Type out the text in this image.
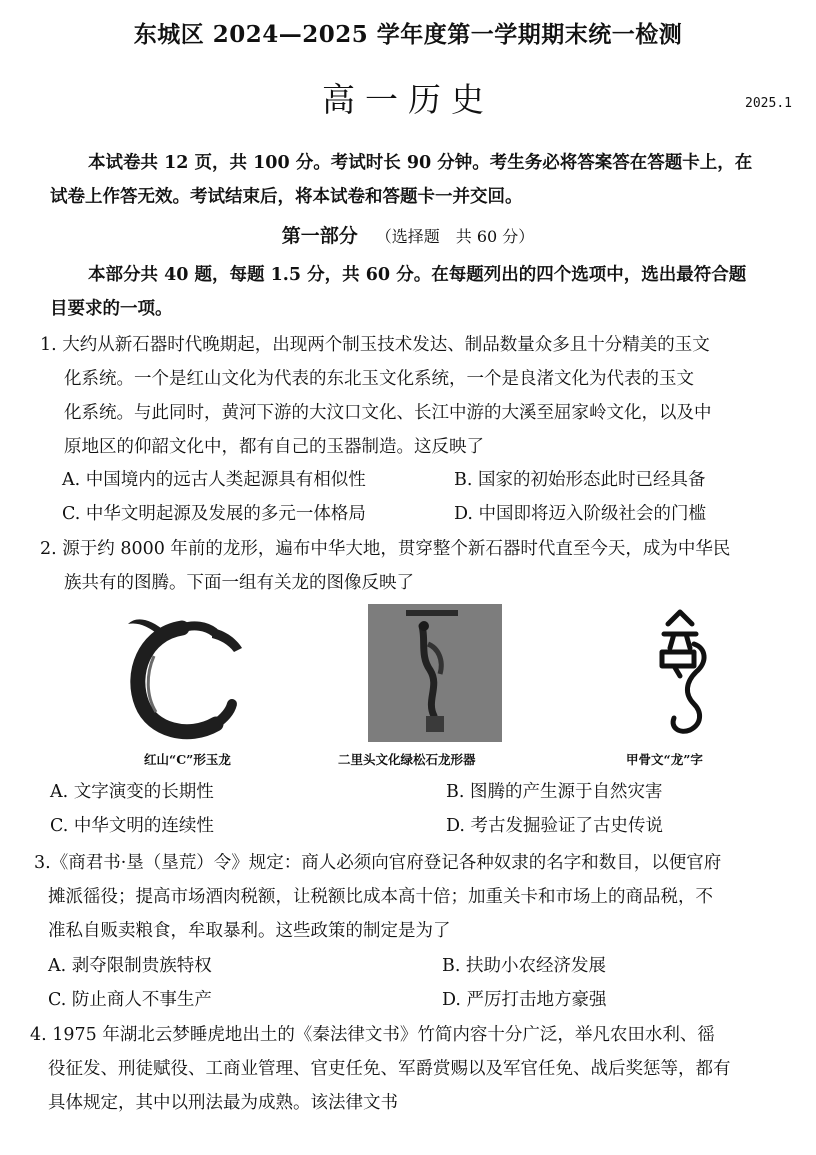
东城区 2024—2025 学年度第一学期期末统一检测
高一历史	2025.1
本试卷共 12 页，共 100 分。考试时长 90 分钟。考生务必将答案答在答题卡上，在
试卷上作答无效。考试结束后，将本试卷和答题卡一并交回。
第一部分 （选择题　共 60 分）
本部分共 40 题，每题 1.5 分，共 60 分。在每题列出的四个选项中，选出最符合题
目要求的一项。
1. 大约从新石器时代晚期起，出现两个制玉技术发达、制品数量众多且十分精美的玉文
化系统。一个是红山文化为代表的东北玉文化系统，一个是良渚文化为代表的玉文
化系统。与此同时，黄河下游的大汶口文化、长江中游的大溪至屈家岭文化，以及中
原地区的仰韶文化中，都有自己的玉器制造。这反映了
A. 中国境内的远古人类起源具有相似性	B. 国家的初始形态此时已经具备
C. 中华文明起源及发展的多元一体格局	D. 中国即将迈入阶级社会的门槛
2. 源于约 8000 年前的龙形，遍布中华大地，贯穿整个新石器时代直至今天，成为中华民
族共有的图腾。下面一组有关龙的图像反映了
红山“C”形玉龙	二里头文化绿松石龙形器	甲骨文“龙”字
A. 文字演变的长期性	B. 图腾的产生源于自然灾害
C. 中华文明的连续性	D. 考古发掘验证了古史传说
3.《商君书·垦（垦荒）令》规定：商人必须向官府登记各种奴隶的名字和数目，以便官府
摊派徭役；提高市场酒肉税额，让税额比成本高十倍；加重关卡和市场上的商品税，不
准私自贩卖粮食，牟取暴利。这些政策的制定是为了
A. 剥夺限制贵族特权	B. 扶助小农经济发展
C. 防止商人不事生产	D. 严厉打击地方豪强
4. 1975 年湖北云梦睡虎地出土的《秦法律文书》竹简内容十分广泛，举凡农田水利、徭
役征发、刑徒赋役、工商业管理、官吏任免、军爵赏赐以及军官任免、战后奖惩等，都有
具体规定，其中以刑法最为成熟。该法律文书
